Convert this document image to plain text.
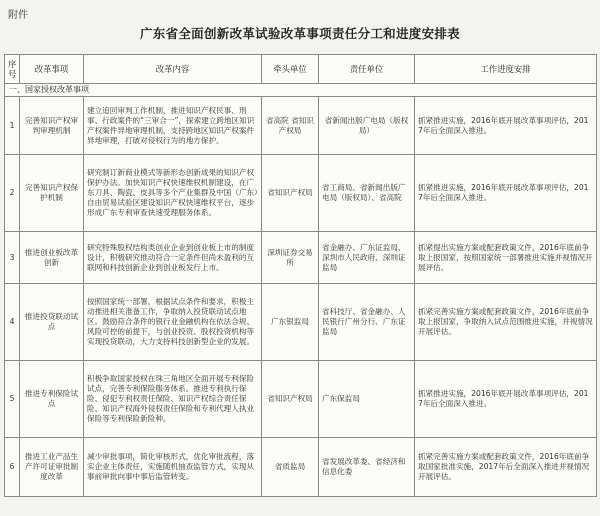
附件
广东省全面创新改革试验改革事项责任分工和进度安排表
序号	改革事项	改革内容	牵头单位	责任单位	工作进度安排
一、国家授权改革事项					
1	完善知识产权审判审理机制	建立追回审判工作机制，推进知识产权民事、刑事、行政案件的“三审合一”，探索建立跨地区知识产权案件异地审理机制，支持跨地区知识产权案件异地审理，打破对侵权行为的地方保护。	省高院 省知识产权局	省新闻出版广电局（版权局）	抓紧推进实施，2016年底开展改革事项评估，2017年后全面深入推进。
2	完善知识产权保护机制	研究制订新商业模式等新形态创新成果的知识产权保护办法。加快知识产权快速维权机制建设，在广东刀具、陶瓷、皮具等多个产业集群及中国（广东）自由贸易试验区建设知识产权快速维权平台，逐步形成广东专利审查快速受理服务体系。	省知识产权局	省工商局、省新闻出版广电局（版权局）、省高院	抓紧推进实施，2016年底开展改革事项评估，2017年后全面深入推进。
3	推进创业板改革创新	研究特殊股权结构类创业企业到创业板上市的制度设计，积极研究推动符合一定条件但尚未盈利的互联网和科技创新企业到创业板发行上市。	深圳证券交易所	省金融办、广东证监局、深圳市人民政府、深圳证监局	抓紧提出实施方案或配套政策文件，2016年底前争取上报国家，按照国家统一部署推进实施并视情况开展评估。
4	推进投贷联动试点	按照国家统一部署，根据试点条件和要求，积极主动推进相关准备工作，争取纳入投贷联动试点地区。鼓励符合条件的银行业金融机构在依法合规、风险可控的前提下，与创业投资、股权投资机构等实现投贷联动，大力支持科技创新型企业的发展。	广东银监局	省科技厅、省金融办、人民银行广州分行、广东证监局	抓紧完善实施方案或配套政策文件，2016年底前争取上报国家，争取纳入试点范围推进实施，并视情况开展评估。
5	推进专利保险试点	积极争取国家授权在珠三角地区全面开展专利保险试点，完善专利保险服务体系。推进专利执行保险、侵犯专利权责任保险、知识产权综合责任保险、知识产权海外侵权责任保险和专利代理人执业保险等专利保险新险种。	省知识产权局	广东保监局	抓紧推进实施，2016年底开展改革事项评估，2017年后全面深入推进。
6	推进工业产品生产许可证审批制度改革	减少审批事项，简化审核形式，优化审批流程，落实企业主体责任，实施随机抽查监管方式，实现从事前审批向事中事后监管转变。	省质监局	省发展改革委、省经济和信息化委	抓紧完善实施方案或配套政策文件，2016年底前争取国家批准实施，2017年后全面深入推进并视情况开展评估。
